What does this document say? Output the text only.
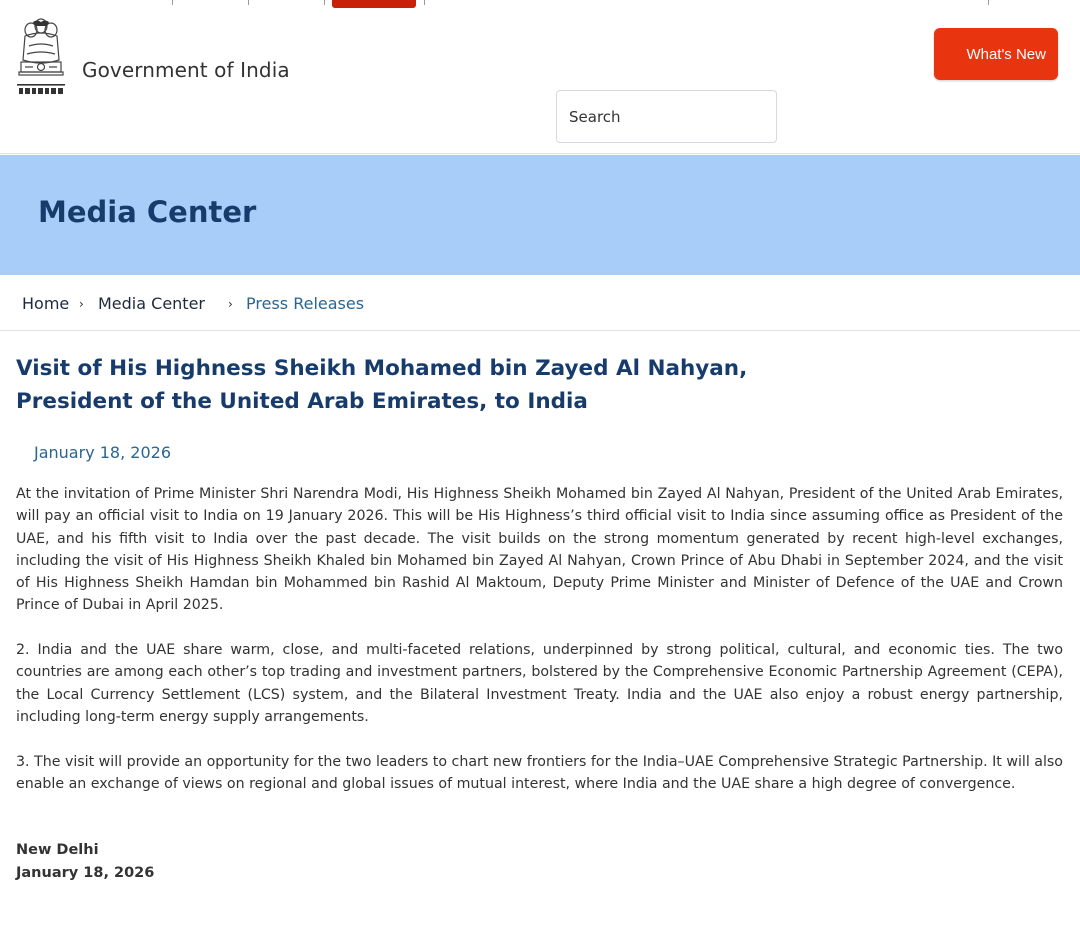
Government of India
What's New
Search
Media Center
Home › Media Center › Press Releases
Visit of His Highness Sheikh Mohamed bin Zayed Al Nahyan, President of the United Arab Emirates, to India
January 18, 2026

At the invitation of Prime Minister Shri Narendra Modi, His Highness Sheikh Mohamed bin Zayed Al Nahyan, President of the United Arab Emirates, will pay an official visit to India on 19 January 2026. This will be His Highness’s third official visit to India since assuming office as President of the UAE, and his fifth visit to India over the past decade. The visit builds on the strong momentum generated by recent high-level exchanges, including the visit of His Highness Sheikh Khaled bin Mohamed bin Zayed Al Nahyan, Crown Prince of Abu Dhabi in September 2024, and the visit of His Highness Sheikh Hamdan bin Mohammed bin Rashid Al Maktoum, Deputy Prime Minister and Minister of Defence of the UAE and Crown Prince of Dubai in April 2025.

2. India and the UAE share warm, close, and multi-faceted relations, underpinned by strong political, cultural, and economic ties. The two countries are among each other’s top trading and investment partners, bolstered by the Comprehensive Economic Partnership Agreement (CEPA), the Local Currency Settlement (LCS) system, and the Bilateral Investment Treaty. India and the UAE also enjoy a robust energy partnership, including long-term energy supply arrangements.

3. The visit will provide an opportunity for the two leaders to chart new frontiers for the India–UAE Comprehensive Strategic Partnership. It will also enable an exchange of views on regional and global issues of mutual interest, where India and the UAE share a high degree of convergence.

New Delhi
January 18, 2026
